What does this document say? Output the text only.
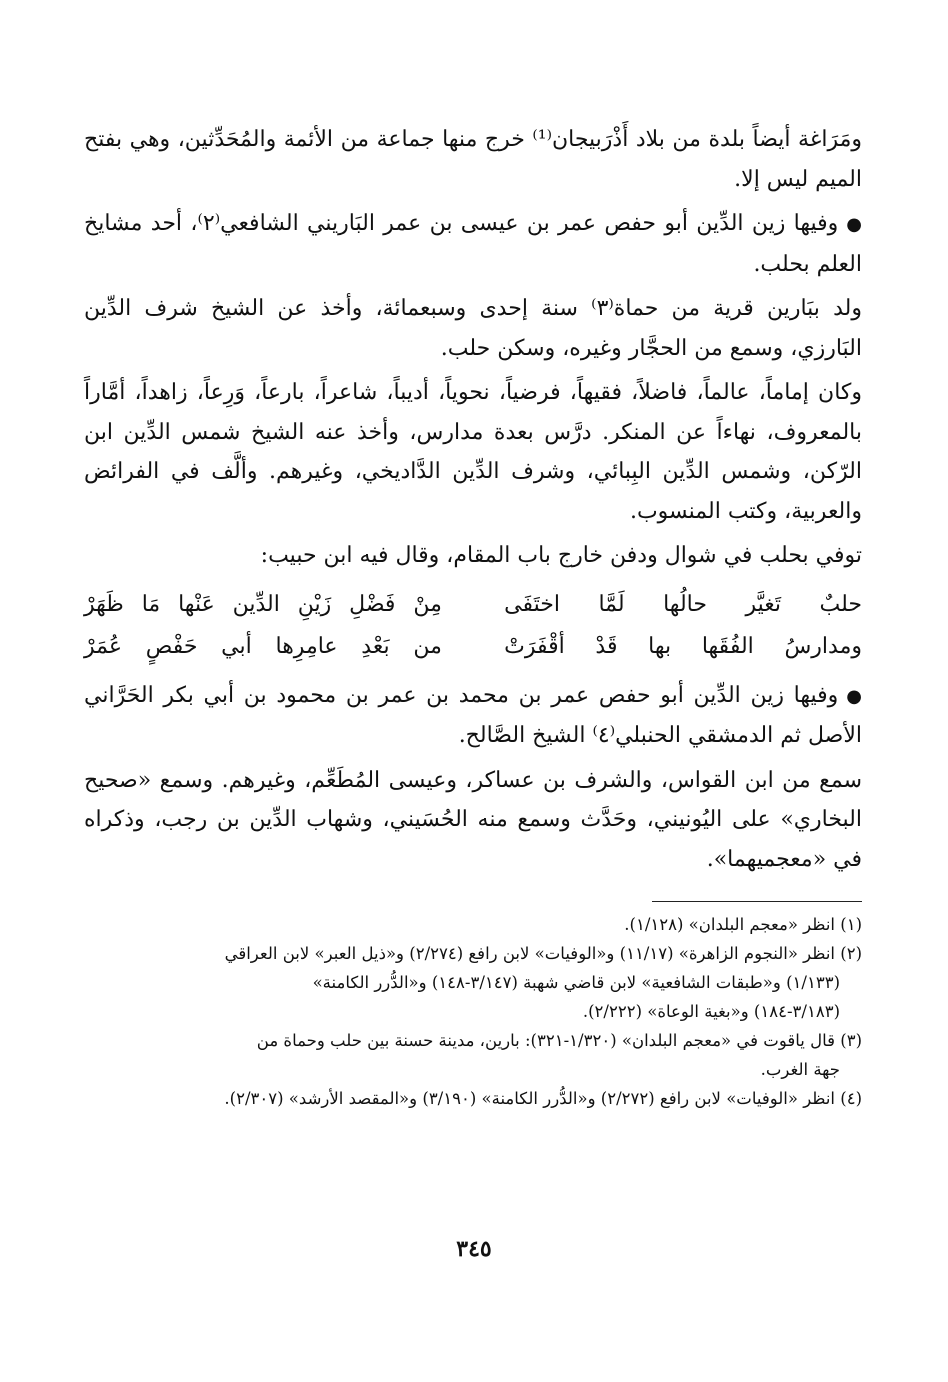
ومَرَاغة أيضاً بلدة من بلاد أَذْرَبيجان⁽¹⁾ خرج منها جماعة من الأئمة والمُحَدِّثين، وهي بفتح الميم ليس إلا.

●وفيها زين الدِّين أبو حفص عمر بن عيسى بن عمر البَاريني الشافعي⁽٢⁾، أحد مشايخ العلم بحلب.

ولد ببَارين قرية من حماة⁽٣⁾ سنة إحدى وسبعمائة، وأخذ عن الشيخ شرف الدِّين البَارزي، وسمع من الحجَّار وغيره، وسكن حلب.

وكان إماماً، عالماً، فاضلاً، فقيهاً، فرضياً، نحوياً، أديباً، شاعراً، بارعاً، وَرِعاً، زاهداً، أمَّاراً بالمعروف، نهاءاً عن المنكر. درَّس بعدة مدارس، وأخذ عنه الشيخ شمس الدِّين ابن الرّكن، وشمس الدِّين البِبائي، وشرف الدِّين الدَّاديخي، وغيرهم. وألَّف في الفرائض والعربية، وكتب المنسوب.

توفي بحلب في شوال ودفن خارج باب المقام، وقال فيه ابن حبيب:

حلبٌ تَغيَّر حالُها لَمَّا اختَفَى
مِنْ فَضْلِ زَيْنِ الدِّين عَنْها مَا ظَهَرْ
ومدارسُ الفُقَها بها قَدْ أقْفَرَتْ
من بَعْدِ عامِرِها أبي حَفْصٍ عُمَرْ

●وفيها زين الدِّين أبو حفص عمر بن محمد بن عمر بن محمود بن أبي بكر الحَرَّاني الأصل ثم الدمشقي الحنبلي⁽٤⁾ الشيخ الصَّالح.

سمع من ابن القواس، والشرف بن عساكر، وعيسى المُطَعِّم، وغيرهم. وسمع «صحيح البخاري» على اليُونيني، وحَدَّث وسمع منه الحُسَيني، وشهاب الدِّين بن رجب، وذكراه في «معجميهما».

(١) انظر «معجم البلدان» (١/١٢٨).

(٢) انظر «النجوم الزاهرة» (١١/١٧) و«الوفيات» لابن رافع (٢/٢٧٤) و«ذيل العبر» لابن العراقي
(١/١٣٣) و«طبقات الشافعية» لابن قاضي شهبة (٣/١٤٧-١٤٨) و«الدُّرر الكامنة»
(٣/١٨٣-١٨٤) و«بغية الوعاة» (٢/٢٢٢).

(٣) قال ياقوت في «معجم البلدان» (١/٣٢٠-٣٢١): بارين، مدينة حسنة بين حلب وحماة من
جهة الغرب.

(٤) انظر «الوفيات» لابن رافع (٢/٢٧٢) و«الدُّرر الكامنة» (٣/١٩٠) و«المقصد الأرشد» (٢/٣٠٧).

٣٤٥
